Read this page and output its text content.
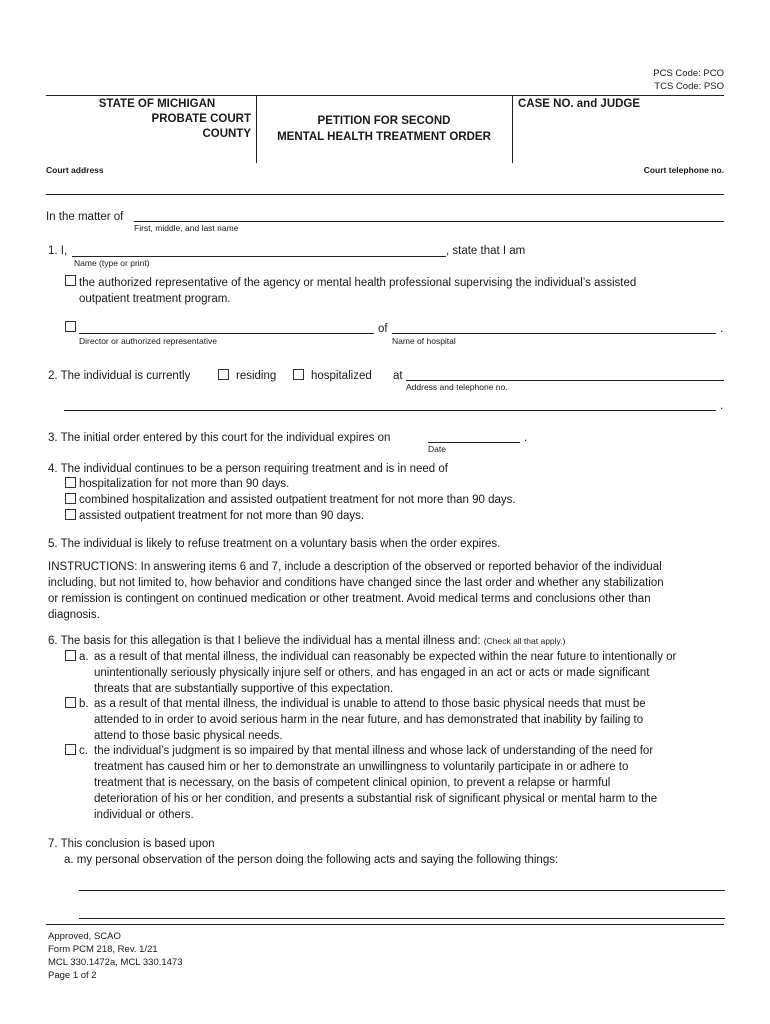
PCS Code: PCO
TCS Code: PSO
STATE OF MICHIGAN
PROBATE COURT
COUNTY
PETITION FOR SECOND
MENTAL HEALTH TREATMENT ORDER
CASE NO. and JUDGE
Court address	Court telephone no.
In the matter of
First, middle, and last name
1. I,	, state that I am
Name (type or print)
the authorized representative of the agency or mental health professional supervising the individual’s assisted
outpatient treatment program.
of	.
Director or authorized representative	Name of hospital
2. The individual is currently	residing	hospitalized at
Address and telephone no.
.
3. The initial order entered by this court for the individual expires on	.
Date
4. The individual continues to be a person requiring treatment and is in need of
hospitalization for not more than 90 days.
combined hospitalization and assisted outpatient treatment for not more than 90 days.
assisted outpatient treatment for not more than 90 days.
5. The individual is likely to refuse treatment on a voluntary basis when the order expires.
INSTRUCTIONS: In answering items 6 and 7, include a description of the observed or reported behavior of the individual
including, but not limited to, how behavior and conditions have changed since the last order and whether any stabilization
or remission is contingent on continued medication or other treatment. Avoid medical terms and conclusions other than
diagnosis.
6. The basis for this allegation is that I believe the individual has a mental illness and: (Check all that apply.)
a. as a result of that mental illness, the individual can reasonably be expected within the near future to intentionally or
unintentionally seriously physically injure self or others, and has engaged in an act or acts or made significant
threats that are substantially supportive of this expectation.
b. as a result of that mental illness, the individual is unable to attend to those basic physical needs that must be
attended to in order to avoid serious harm in the near future, and has demonstrated that inability by failing to
attend to those basic physical needs.
c. the individual’s judgment is so impaired by that mental illness and whose lack of understanding of the need for
treatment has caused him or her to demonstrate an unwillingness to voluntarily participate in or adhere to
treatment that is necessary, on the basis of competent clinical opinion, to prevent a relapse or harmful
deterioration of his or her condition, and presents a substantial risk of significant physical or mental harm to the
individual or others.
7. This conclusion is based upon
a. my personal observation of the person doing the following acts and saying the following things:
Approved, SCAO
Form PCM 218, Rev. 1/21
MCL 330.1472a, MCL 330.1473
Page 1 of 2
